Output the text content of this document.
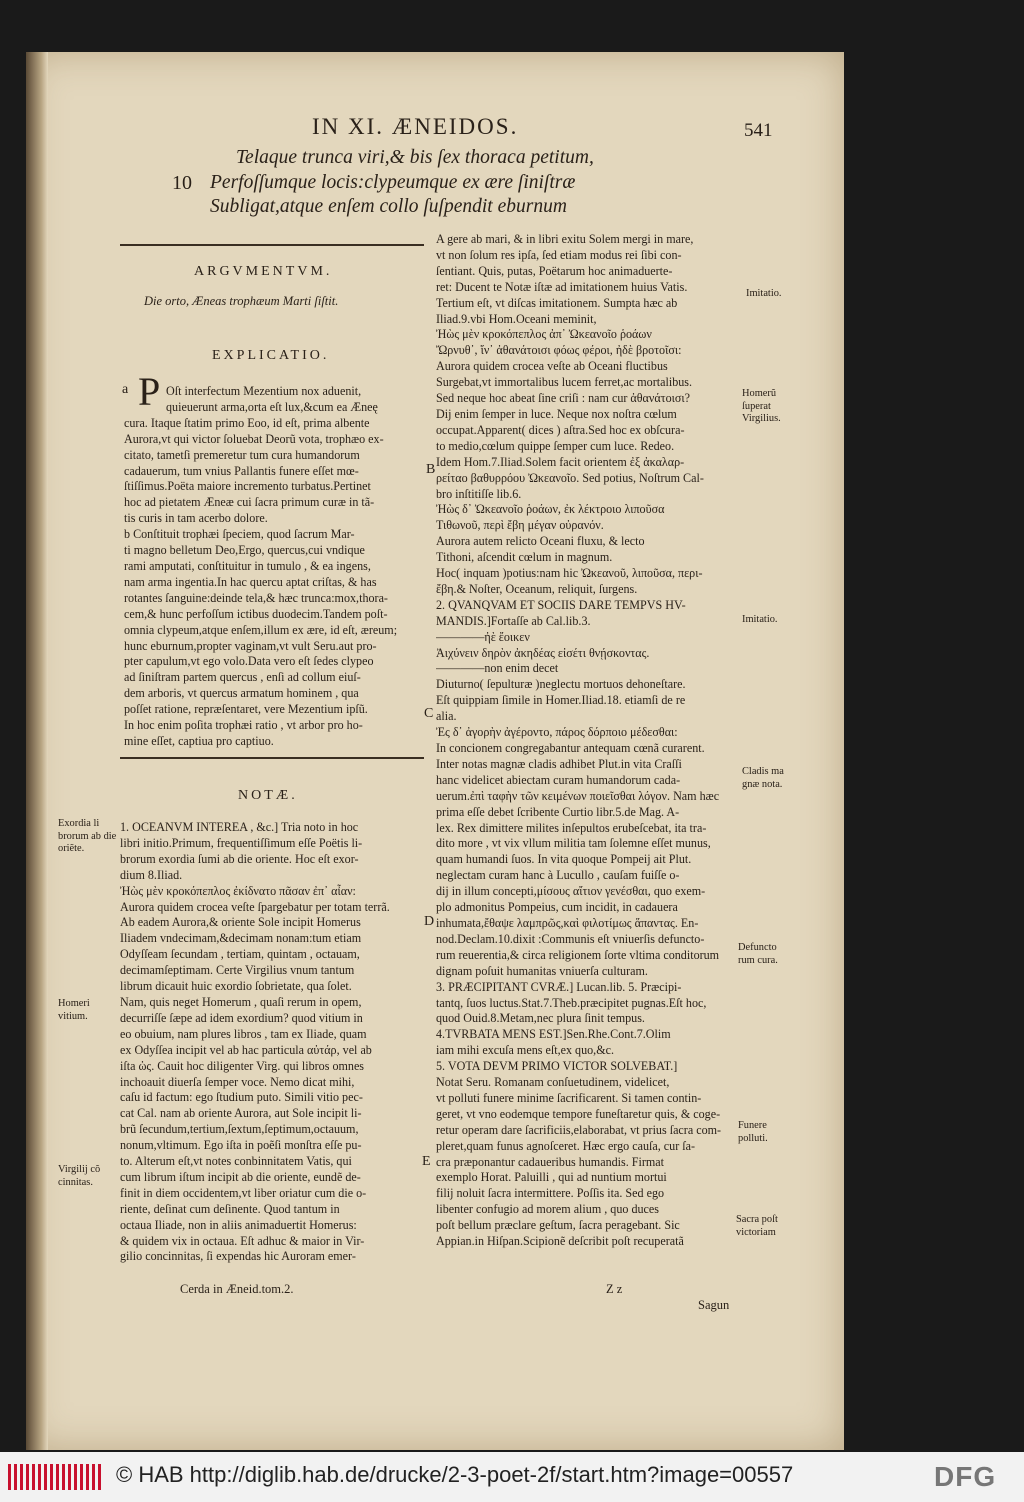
IN XI. ÆNEIDOS.	541
Telaque trunca viri,& bis ſex thoraca petitum,
10 Perfoſſumque locis:clypeumque ex ære ſiniſtræ
Subligat,atque enſem collo ſuſpendit eburnum
ARGVMENTVM.
Die orto, Æneas trophæum Marti ſiſtit.
EXPLICATIO.
a P Oſt interfectum Mezentium nox aduenit,
quieuerunt arma,orta eſt lux,&cum ea Æneę
cura. Itaque ſtatim primo Eoo, id eſt, prima albente
Aurora,vt qui victor ſoluebat Deorũ vota, trophæo ex-
citato, tametſi premeretur tum cura humandorum
cadauerum, tum vnius Pallantis funere eſſet mœ-
ſtiſſimus.Poëta maiore incremento turbatus.Pertinet
hoc ad pietatem Æneæ cui ſacra primum curæ in tã-
tis curis in tam acerbo dolore.
b Conſtituit trophæi ſpeciem, quod ſacrum Mar-
ti magno belletum Deo,Ergo, quercus,cui vndique
rami amputati, conſtituitur in tumulo , & ea ingens,
nam arma ingentia.In hac quercu aptat criſtas, & has
rotantes ſanguine:deinde tela,& hæc trunca:mox,thora-
cem,& hunc perfoſſum ictibus duodecim.Tandem poſt-
omnia clypeum,atque enſem,illum ex ære, id eſt, æreum;
hunc eburnum,propter vaginam,vt vult Seru.aut pro-
pter capulum,vt ego volo.Data vero eſt ſedes clypeo
ad ſiniſtram partem quercus , enſi ad collum eiuſ-
dem arboris, vt quercus armatum hominem , qua
poſſet ratione, repræſentaret, vere Mezentium ipſũ.
In hoc enim poſita trophæi ratio , vt arbor pro ho-
mine eſſet, captiua pro captiuo.
NOTÆ.
1. OCEANVM INTEREA , &c.] Tria noto in hoc
libri initio.Primum, frequentiſſimum eſſe Poëtis li-
brorum exordia ſumi ab die oriente. Hoc eſt exor-
dium 8.Iliad.
Ἠὼς μὲν κροκόπεπλος ἐκίδνατο πᾶσαν ἐπ᾽ αἶαν:
Aurora quidem crocea veſte ſpargebatur per totam terrã.
Ab eadem Aurora,& oriente Sole incipit Homerus
Iliadem vndecimam,&decimam nonam:tum etiam
Odyſſeam ſecundam , tertiam, quintam , octauam,
decimamſeptimam. Certe Virgilius vnum tantum
librum dicauit huic exordio ſobrietate, qua ſolet.
Nam, quis neget Homerum , quaſi rerum in opem,
decurriſſe ſæpe ad idem exordium? quod vitium in
eo obuium, nam plures libros , tam ex Iliade, quam
ex Odyſſea incipit vel ab hac particula αὐτάρ, vel ab
iſta ὡς. Cauit hoc diligenter Virg. qui libros omnes
inchoauit diuerſa ſemper voce. Nemo dicat mihi,
caſu id factum: ego ſtudium puto. Simili vitio pec-
cat Cal. nam ab oriente Aurora, aut Sole incipit li-
brũ ſecundum,tertium,ſextum,ſeptimum,octauum,
nonum,vltimum. Ego iſta in poẽſi monſtra eſſe pu-
to. Alterum eſt,vt notes conbinnitatem Vatis, qui
cum librum iſtum incipit ab die oriente, eundẽ de-
finit in diem occidentem,vt liber oriatur cum die o-
riente, deſinat cum deſinente. Quod tantum in
octaua Iliade, non in aliis animaduertit Homerus:
& quidem vix in octaua. Eſt adhuc & maior in Vir-
gilio concinnitas, ſi expendas hic Auroram emer-
Cerda in Æneid.tom.2.
Exordia li brorum ab die oriẽte.
Homeri vitium.
Virgilij cõ cinnitas.
A gere ab mari, & in libri exitu Solem mergi in mare,
vt non ſolum res ipſa, ſed etiam modus rei ſibi con-
ſentiant. Quis, putas, Poëtarum hoc animaduerte-
ret: Ducent te Notæ iſtæ ad imitationem huius Vatis.
Tertium eſt, vt diſcas imitationem. Sumpta hæc ab
Iliad.9.vbi Hom.Oceani meminit,
Ἠὼς μὲν κροκόπεπλος ἀπ᾽ Ὠκεανοῖο ῥοάων
Ὤρνυθ᾽, ἵν᾽ ἀθανάτοισι φόως φέροι, ἠδὲ βροτοῖσι:
Aurora quidem crocea veſte ab Oceani fluctibus
Surgebat,vt immortalibus lucem ferret,ac mortalibus.
Sed neque hoc abeat ſine criſi : nam cur ἀθανάτοισι?
Dij enim ſemper in luce. Neque nox noſtra cœlum
occupat.Apparent( dices ) aſtra.Sed hoc ex obſcura-
to medio,cœlum quippe ſemper cum luce. Redeo.
Idem Hom.7.Iliad.Solem facit orientem ἐξ ἀκαλαρ-
ρείταο βαθυρρόου Ὠκεανοῖο. Sed potius, Noſtrum Cal-
bro inſtitiſſe lib.6.
Ἠὼς δ᾽ Ὠκεανοῖο ῥοάων, ἐκ λέκτροιο λιποῦσα
Τιθωνοῦ, περὶ ἔβη μέγαν οὐρανόν.
Aurora autem relicto Oceani fluxu, & lecto
Tithoni, aſcendit cœlum in magnum.
Hoc( inquam )potius:nam hic Ὠκεανοῦ, λιποῦσα, περι-
ἔβη.& Noſter, Oceanum, reliquit, ſurgens.
2. QVANQVAM ET SOCIIS DARE TEMPVS HV-
MANDIS.]Fortaſſe ab Cal.lib.3.
————ἠὲ ἔοικεν
Ἀιχύνειν δηρὸν ἀκηδέας εἰσέτι θνῄσκοντας.
————non enim decet
Diuturno( ſepulturæ )neglectu mortuos dehoneſtare.
Eſt quippiam ſimile in Homer.Iliad.18. etiamſi de re
alia.
Ἐς δ᾽ ἀγορὴν ἀγέροντο, πάρος δόρποιο μέδεσθαι:
In concionem congregabantur antequam cœnã curarent.
Inter notas magnæ cladis adhibet Plut.in vita Craſſi
hanc videlicet abiectam curam humandorum cada-
uerum.ἐπὶ ταφὴν τῶν κειμένων ποιεῖσθαι λόγον. Nam hæc
prima eſſe debet ſcribente Curtio libr.5.de Mag. A-
lex. Rex dimittere milites inſepultos erubeſcebat, ita tra-
dito more , vt vix vllum militia tam ſolemne eſſet munus,
quam humandi ſuos. In vita quoque Pompeij ait Plut.
neglectam curam hanc à Lucullo , cauſam fuiſſe o-
dij in illum concepti,μίσους αἴτιον γενέσθαι, quo exem-
plo admonitus Pompeius, cum incidit, in cadauera
inhumata,ἔθαψε λαμπρῶς,καὶ φιλοτίμως ἅπαντας. En-
nod.Declam.10.dixit :Communis eſt vniuerſis defuncto-
rum reuerentia,& circa religionem ſorte vltima conditorum
dignam poſuit humanitas vniuerſa culturam.
3. PRÆCIPITANT CVRÆ.] Lucan.lib. 5. Præcipi-
tantq, ſuos luctus.Stat.7.Theb.præcipitet pugnas.Eſt hoc,
quod Ouid.8.Metam,nec plura ſinit tempus.
4.TVRBATA MENS EST.]Sen.Rhe.Cont.7.Olim
iam mihi excuſa mens eſt,ex quo,&c.
5. VOTA DEVM PRIMO VICTOR SOLVEBAT.]
Notat Seru. Romanam conſuetudinem, videlicet,
vt polluti funere minime ſacrificarent. Si tamen contin-
geret, vt vno eodemque tempore funeſtaretur quis, & coge-
retur operam dare ſacrificiis,elaborabat, vt prius ſacra com-
pleret,quam funus agnoſceret. Hæc ergo cauſa, cur ſa-
cra præponantur cadaueribus humandis. Firmat
exemplo Horat. Paluilli , qui ad nuntium mortui
filij noluit ſacra intermittere. Poſſis ita. Sed ego
libenter confugio ad morem alium , quo duces
poſt bellum præclare geſtum, ſacra peragebant. Sic
Appian.in Hiſpan.Scipionẽ deſcribit poſt recuperatã
B
C
D
E
Imitatio.
Homerũ ſuperat Virgilius.
Imitatio.
Cladis ma gnæ nota.
Defuncto rum cura.
Funere polluti.
Sacra poſt victoriam
Z z
Sagun
© HAB http://diglib.hab.de/drucke/2-3-poet-2f/start.htm?image=00557	DFG
